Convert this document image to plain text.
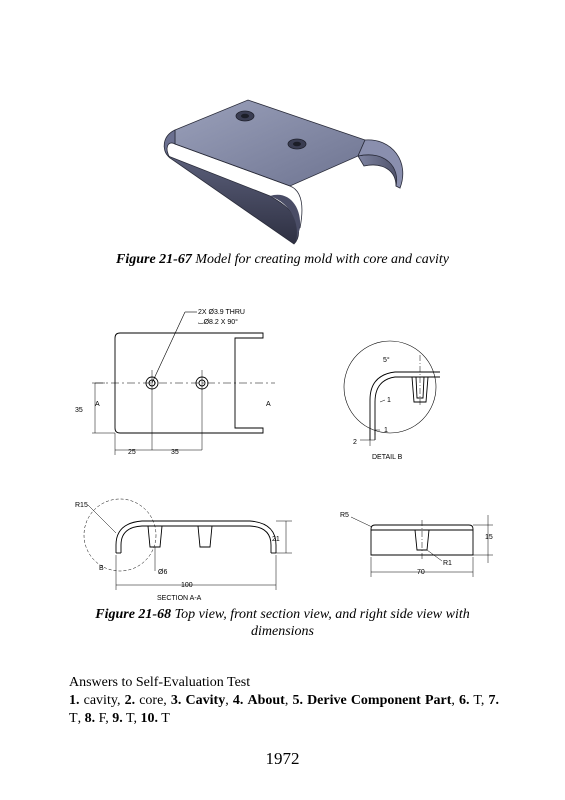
Figure 21-67 Model for creating mold with core and cavity
2X Ø3.9 THRU
⌴Ø8.2 X 90°
35
A	A
25	35
5°
1
1
2
DETAIL B
R15
B
21
Ø6
100
SECTION A-A
R5
15
R1
70
Figure 21-68 Top view, front section view, and right side view with
dimensions
Answers to Self-Evaluation Test
1. cavity, 2. core, 3. Cavity, 4. About, 5. Derive Component Part, 6. T, 7. T, 8. F, 9. T, 10. T
1972
